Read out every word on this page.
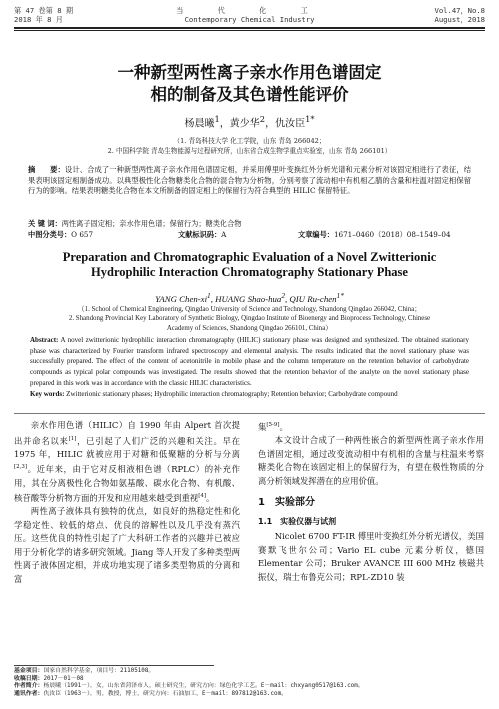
第 47 卷第 8 期
2018 年 8 月
当 代 化 工
Contemporary Chemical Industry
Vol.47，No.8
August，2018
一种新型两性离子亲水作用色谱固定
相的制备及其色谱性能评价
杨晨曦$^1$，黄少华$^2$，仇汝臣$^{1*}$
（1. 青岛科技大学 化工学院，山东 青岛 266042；
2. 中国科学院 青岛生物能源与过程研究所，山东省合成生物学重点实验室，山东 青岛 266101）
摘　　要：设计、合成了一种新型两性离子亲水作用色谱固定相，并采用傅里叶变换红外分析光谱和元素分析对该固定相进行了表征，结果表明该固定相制备成功。以典型极性化合物糖类化合物的混合物为分析物，分别考察了流动相中有机相乙腈的含量和柱温对固定相保留行为的影响。结果表明糖类化合物在本文所制备的固定相上的保留行为符合典型的 HILIC 保留特征。
关 键 词：两性离子固定相；亲水作用色谱；保留行为；糖类化合物
中图分类号：O 657	文献标识码：A	文章编号：1671–0460（2018）08–1549–04
Preparation and Chromatographic Evaluation of a Novel Zwitterionic
Hydrophilic Interaction Chromatography Stationary Phase
YANG Chen-$xi^1$, HUANG Shao-hua$^2$, QIU Ru-chen$^{1*}$
（1. School of Chemical Engineering, Qingdao University of Science and Technology, Shandong Qingdao 266042, China；
2. Shandong Provincial Key Laboratory of Synthetic Biology, Qingdao Institute of Bioenergy and Bioprocess Technology, Chinese
Academy of Sciences, Shandong Qingdao 266101, China）
Abstract: A novel zwitterionic hydrophilic interaction chromatography (HILIC) stationary phase was designed and synthesized. The obtained stationary phase was characterized by Fourier transform infrared spectroscopy and elemental analysis. The results indicated that the novel stationary phase was successfully prepared. The effect of the content of acetonitrile in mobile phase and the column temperature on the retention behavior of carbohydrate compounds as typical polar compounds was investigated. The results showed that the retention behavior of the analyte on the novel stationary phase prepared in this work was in accordance with the classic HILIC characteristics.
Key words: Zwitterionic stationary phases; Hydrophilic interaction chromatography; Retention behavior; Carbohydrate compound

亲水作用色谱（HILIC）自 1990 年由 Alpert 首次提出并命名以来[1]，已引起了人们广泛的兴趣和关注。早在 1975 年，HILIC 就被应用于对糖和低聚糖的分析与分离[2,3]。近年来，由于它对反相液相色谱（RPLC）的补充作用，其在分离极性化合物如氨基酸、碳水化合物、有机酸、核苷酸等分析物方面的开发和应用越来越受到重视[4]。

两性离子液体具有独特的优点，如良好的热稳定性和化学稳定性、较低的熔点、优良的溶解性以及几乎没有蒸汽压。这些优良的特性引起了广大科研工作者的兴趣并已被应用于分析化学的诸多研究领域。Jiang 等人开发了多种类型两性离子液体固定相，并成功地实现了诸多类型物质的分离和富

集[5-9]。

本文设计合成了一种两性嵌合的新型两性离子亲水作用色谱固定相，通过改变流动相中有机相的含量与柱温来考察糖类化合物在该固定相上的保留行为，有望在极性物质的分离分析领域发挥潜在的应用价值。

1　 实验部分
1.1　 实验仪器与试剂

Nicolet 6700 FT-IR 傅里叶变换红外分析光谱仪，美国赛默飞世尔公司；Vario EL cube 元素分析仪，德国 Elementar 公司；Bruker AVANCE III 600 MHz 核磁共振仪，瑞士布鲁克公司；RPL-ZD10 装

基金项目：国家自然科学基金，项目号：21105108。
收稿日期：2017－01－08
作者简介：杨晨曦（1991－），女，山东省菏泽市人，硕士研究生，研究方向：绿色化学工艺。E－mail：chxyang0517@163.com。
通讯作者：仇汝臣（1963－），男，教授，博士，研究方向：石油加工，E－mail：897812@163.com。
